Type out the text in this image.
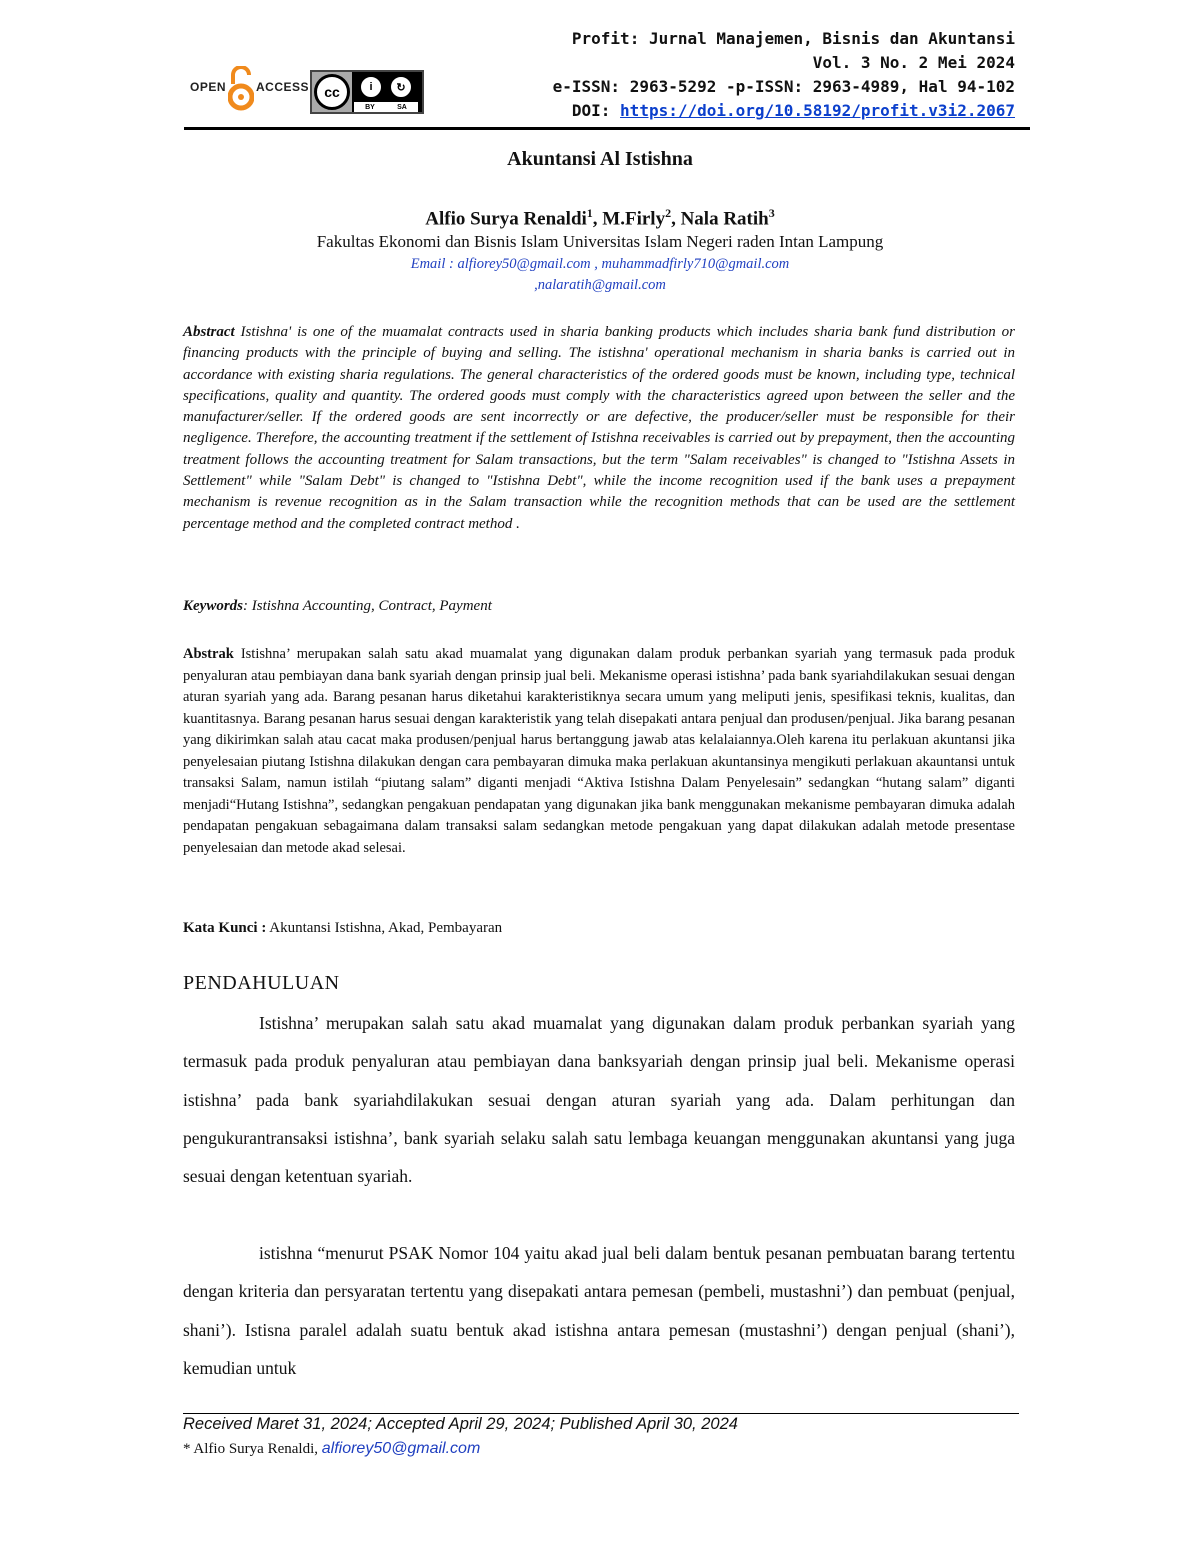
OPEN ACCESS	cc	i	↻
BY	SA
Profit: Jurnal Manajemen, Bisnis dan Akuntansi
Vol. 3 No. 2 Mei 2024
e-ISSN: 2963-5292 -p-ISSN: 2963-4989, Hal 94-102
DOI: https://doi.org/10.58192/profit.v3i2.2067
Akuntansi Al Istishna
Alfio Surya Renaldi$^1$, M.Firly$^2$, Nala Ratih$^3$
Fakultas Ekonomi dan Bisnis Islam Universitas Islam Negeri raden Intan Lampung
Email : alfiorey50@gmail.com , muhammadfirly710@gmail.com
,nalaratih@gmail.com
Abstract Istishna' is one of the muamalat contracts used in sharia banking products which includes sharia bank fund distribution or financing products with the principle of buying and selling. The istishna' operational mechanism in sharia banks is carried out in accordance with existing sharia regulations. The general characteristics of the ordered goods must be known, including type, technical specifications, quality and quantity. The ordered goods must comply with the characteristics agreed upon between the seller and the manufacturer/seller. If the ordered goods are sent incorrectly or are defective, the producer/seller must be responsible for their negligence. Therefore, the accounting treatment if the settlement of Istishna receivables is carried out by prepayment, then the accounting treatment follows the accounting treatment for Salam transactions, but the term "Salam receivables" is changed to "Istishna Assets in Settlement" while "Salam Debt" is changed to "Istishna Debt", while the income recognition used if the bank uses a prepayment mechanism is revenue recognition as in the Salam transaction while the recognition methods that can be used are the settlement percentage method and the completed contract method .
Keywords: Istishna Accounting, Contract, Payment
Abstrak Istishna’ merupakan salah satu akad muamalat yang digunakan dalam produk perbankan syariah yang termasuk pada produk penyaluran atau pembiayan dana bank syariah dengan prinsip jual beli. Mekanisme operasi istishna’ pada bank syariahdilakukan sesuai dengan aturan syariah yang ada. Barang pesanan harus diketahui karakteristiknya secara umum yang meliputi jenis, spesifikasi teknis, kualitas, dan kuantitasnya. Barang pesanan harus sesuai dengan karakteristik yang telah disepakati antara penjual dan produsen/penjual. Jika barang pesanan yang dikirimkan salah atau cacat maka produsen/penjual harus bertanggung jawab atas kelalaiannya.Oleh karena itu perlakuan akuntansi jika penyelesaian piutang Istishna dilakukan dengan cara pembayaran dimuka maka perlakuan akuntansinya mengikuti perlakuan akauntansi untuk transaksi Salam, namun istilah “piutang salam” diganti menjadi “Aktiva Istishna Dalam Penyelesain” sedangkan “hutang salam” diganti menjadi“Hutang Istishna”, sedangkan pengakuan pendapatan yang digunakan jika bank menggunakan mekanisme pembayaran dimuka adalah pendapatan pengakuan sebagaimana dalam transaksi salam sedangkan metode pengakuan yang dapat dilakukan adalah metode presentase penyelesaian dan metode akad selesai.
Kata Kunci : Akuntansi Istishna, Akad, Pembayaran
PENDAHULUAN
Istishna’ merupakan salah satu akad muamalat yang digunakan dalam produk perbankan syariah yang termasuk pada produk penyaluran atau pembiayan dana banksyariah dengan prinsip jual beli. Mekanisme operasi istishna’ pada bank syariahdilakukan sesuai dengan aturan syariah yang ada. Dalam perhitungan dan pengukurantransaksi istishna’, bank syariah selaku salah satu lembaga keuangan menggunakan akuntansi yang juga sesuai dengan ketentuan syariah.
istishna “menurut PSAK Nomor 104 yaitu akad jual beli dalam bentuk pesanan pembuatan barang tertentu dengan kriteria dan persyaratan tertentu yang disepakati antara pemesan (pembeli, mustashni’) dan pembuat (penjual, shani’). Istisna paralel adalah suatu bentuk akad istishna antara pemesan (mustashni’) dengan penjual (shani’), kemudian untuk
Received Maret 31, 2024; Accepted April 29, 2024; Published April 30, 2024
* Alfio Surya Renaldi, alfiorey50@gmail.com
